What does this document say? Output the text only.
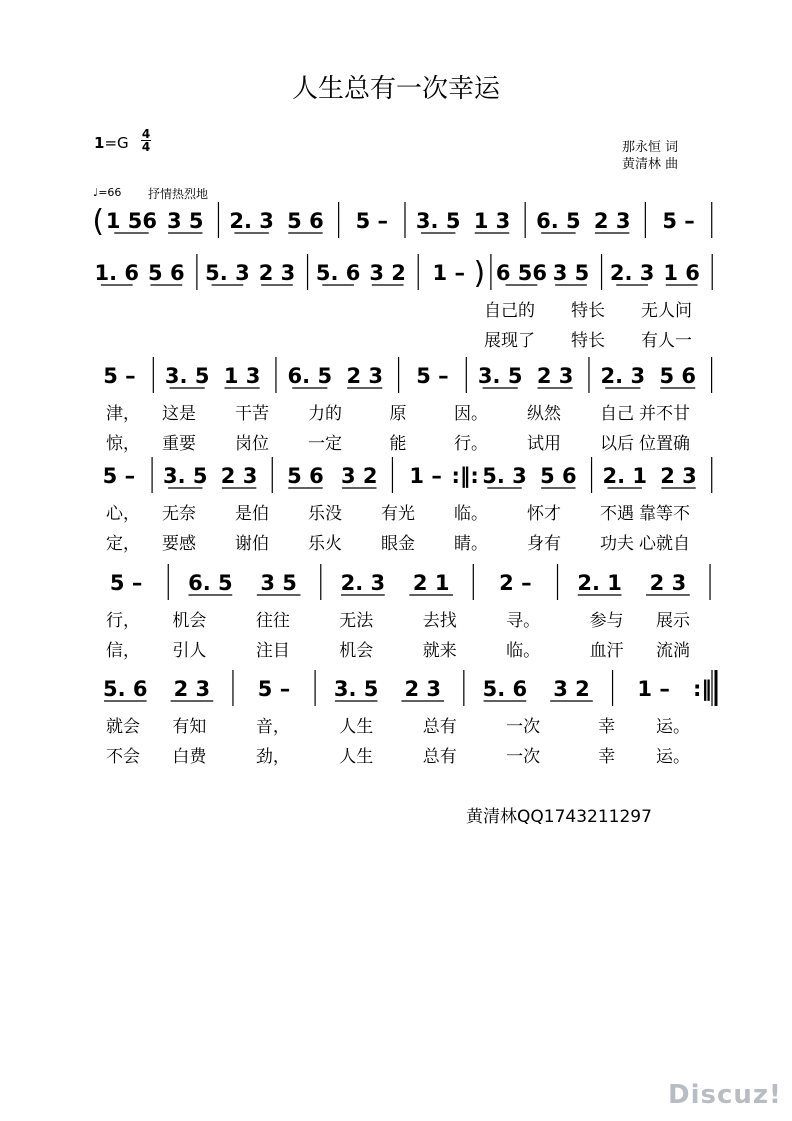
人生总有一次幸运
1=G 4
4	那永恒 词
黄清林 曲
♩=66 抒情热烈地
( 1 56 3 5 2. 3 5 6 5 – 3. 5 1 3 6. 5 2 3 5 –
1. 6 5 6 5. 3 2 3 5. 6 3 2 1 – ) 6 56 3 5 2. 3 1 6
自己的 特长 无人问
展现了 特长 有人一
5 – 3. 5 1 3 6. 5 2 3 5 – 3. 5 2 3 2. 3 5 6
津， 这是 干苦 力的	原	因。 纵然 自己 并不甘
惊， 重要 岗位 一定	能	行。 试用 以后 位置确
5 – 3. 5 2 3 5 6 3 2 1 – :‖: 5. 3 5 6 2. 1 2 3
心， 无奈 是伯 乐没 有光 临。 怀才 不遇 靠等不
定， 要感 谢伯 乐火 眼金 睛。 身有 功夫 心就自
5 – 6. 5 3 5 2. 3 2 1 2 – 2. 1 2 3
行， 机会	往往	无法	去找	寻。	参与 展示
信， 引人	注目	机会	就来	临。	血汗 流淌
5. 6 2 3 5 – 3. 5 2 3 5. 6 3 2 1 – :‖
就会 有知	音，	人生	总有	一次	幸 运。
不会 白费	劲，	人生	总有	一次	幸 运。
黄清林QQ1743211297
Discuz!
